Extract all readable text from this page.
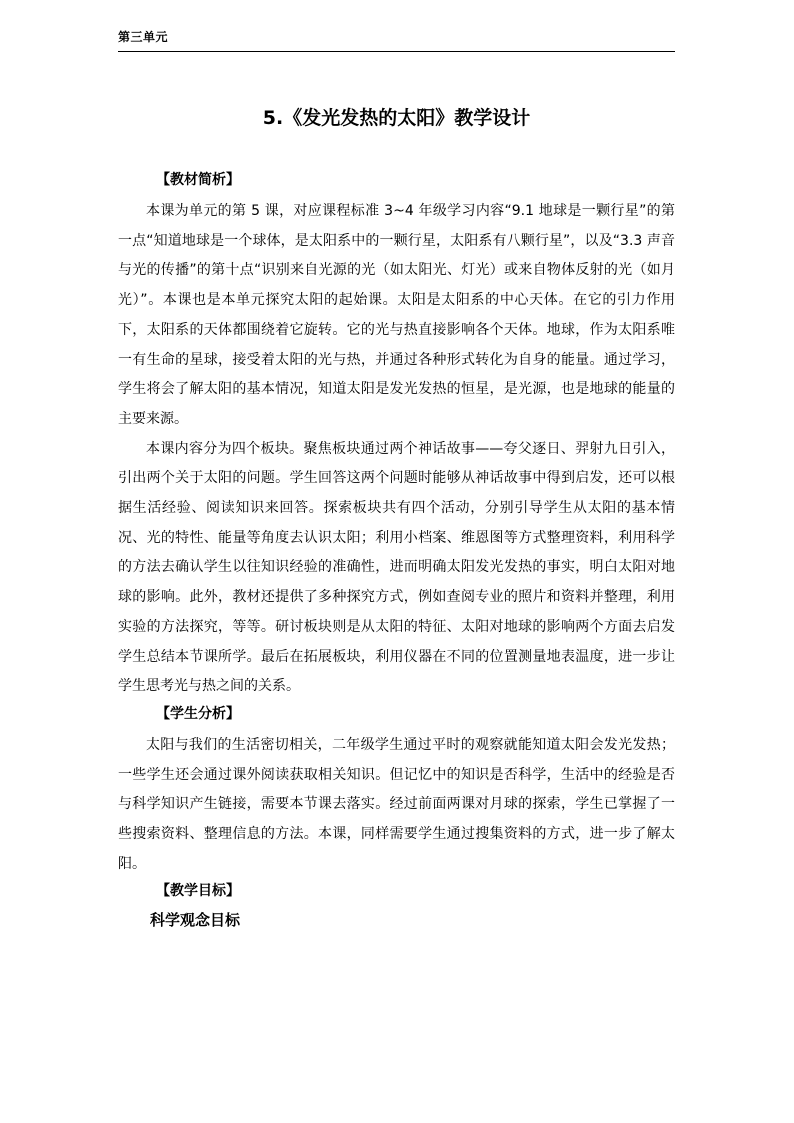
第三单元
5.《发光发热的太阳》教学设计
【教材简析】

本课为单元的第 5 课，对应课程标准 3~4 年级学习内容“9.1 地球是一颗行星”的第一点“知道地球是一个球体，是太阳系中的一颗行星，太阳系有八颗行星”，以及“3.3 声音与光的传播”的第十点“识别来自光源的光（如太阳光、灯光）或来自物体反射的光（如月光）”。本课也是本单元探究太阳的起始课。太阳是太阳系的中心天体。在它的引力作用下，太阳系的天体都围绕着它旋转。它的光与热直接影响各个天体。地球，作为太阳系唯一有生命的星球，接受着太阳的光与热，并通过各种形式转化为自身的能量。通过学习，学生将会了解太阳的基本情况，知道太阳是发光发热的恒星，是光源，也是地球的能量的主要来源。

本课内容分为四个板块。聚焦板块通过两个神话故事——夸父逐日、羿射九日引入，引出两个关于太阳的问题。学生回答这两个问题时能够从神话故事中得到启发，还可以根据生活经验、阅读知识来回答。探索板块共有四个活动，分别引导学生从太阳的基本情况、光的特性、能量等角度去认识太阳；利用小档案、维恩图等方式整理资料，利用科学的方法去确认学生以往知识经验的准确性，进而明确太阳发光发热的事实，明白太阳对地球的影响。此外，教材还提供了多种探究方式，例如查阅专业的照片和资料并整理，利用实验的方法探究，等等。研讨板块则是从太阳的特征、太阳对地球的影响两个方面去启发学生总结本节课所学。最后在拓展板块，利用仪器在不同的位置测量地表温度，进一步让学生思考光与热之间的关系。

【学生分析】

太阳与我们的生活密切相关，二年级学生通过平时的观察就能知道太阳会发光发热；一些学生还会通过课外阅读获取相关知识。但记忆中的知识是否科学，生活中的经验是否与科学知识产生链接，需要本节课去落实。经过前面两课对月球的探索，学生已掌握了一些搜索资料、整理信息的方法。本课，同样需要学生通过搜集资料的方式，进一步了解太阳。

【教学目标】
科学观念目标
